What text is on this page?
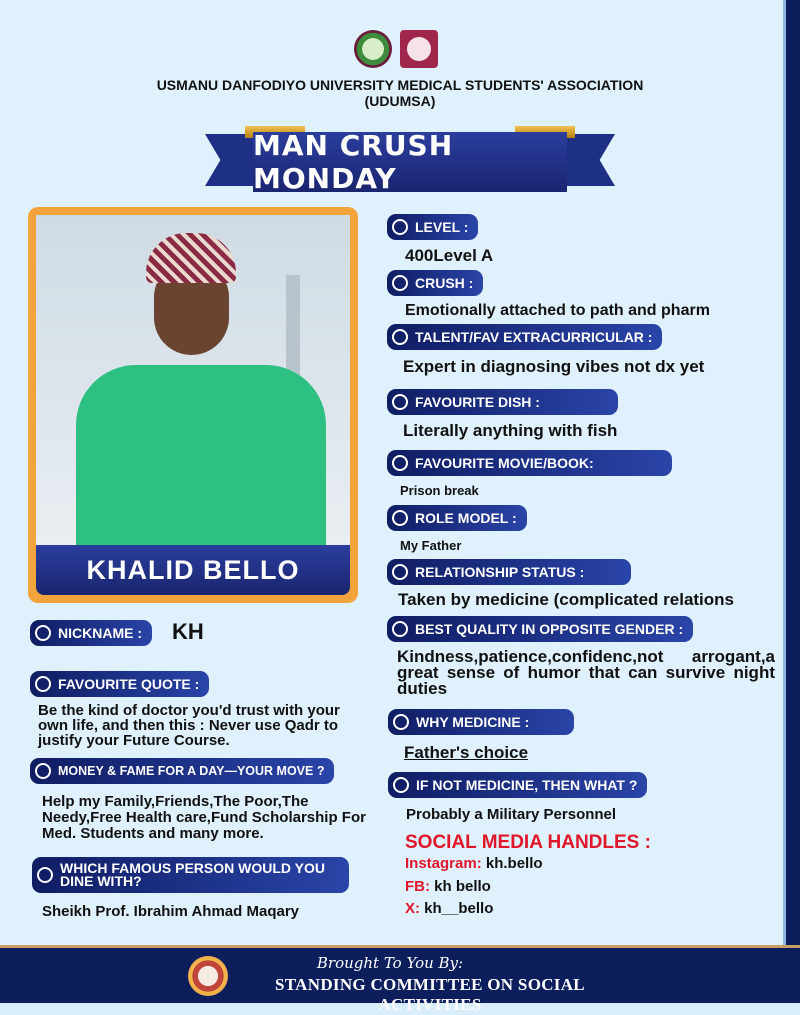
USMANU DANFODIYO UNIVERSITY MEDICAL STUDENTS' ASSOCIATION (UDUMSA)
MAN CRUSH MONDAY
KHALID BELLO
NICKNAME : KH
FAVOURITE QUOTE :
Be the kind of doctor you'd trust with your own life, and then this : Never use Qadr to justify your Future Course.
MONEY & FAME FOR A DAY—YOUR MOVE ?
Help my Family,Friends,The Poor,The Needy,Free Health care,Fund Scholarship For Med. Students and many more.
WHICH FAMOUS PERSON WOULD YOU DINE WITH?
Sheikh Prof. Ibrahim Ahmad Maqary
LEVEL :
400Level A
CRUSH :
Emotionally attached to path and pharm
TALENT/FAV EXTRACURRICULAR :
Expert in diagnosing vibes not dx yet
FAVOURITE DISH :
Literally anything with fish
FAVOURITE MOVIE/BOOK:
Prison break
ROLE MODEL :
My Father
RELATIONSHIP STATUS :
Taken by medicine (complicated relations
BEST QUALITY IN OPPOSITE GENDER :
Kindness,patience,confidenc,not arrogant,a great sense of humor that can survive night duties
WHY MEDICINE :
Father's choice
IF NOT MEDICINE, THEN WHAT ?
Probably a Military Personnel
SOCIAL MEDIA HANDLES :
Instagram: kh.bello
FB: kh bello
X: kh__bello
Brought To You By:
STANDING COMMITTEE ON SOCIAL ACTIVITIES
